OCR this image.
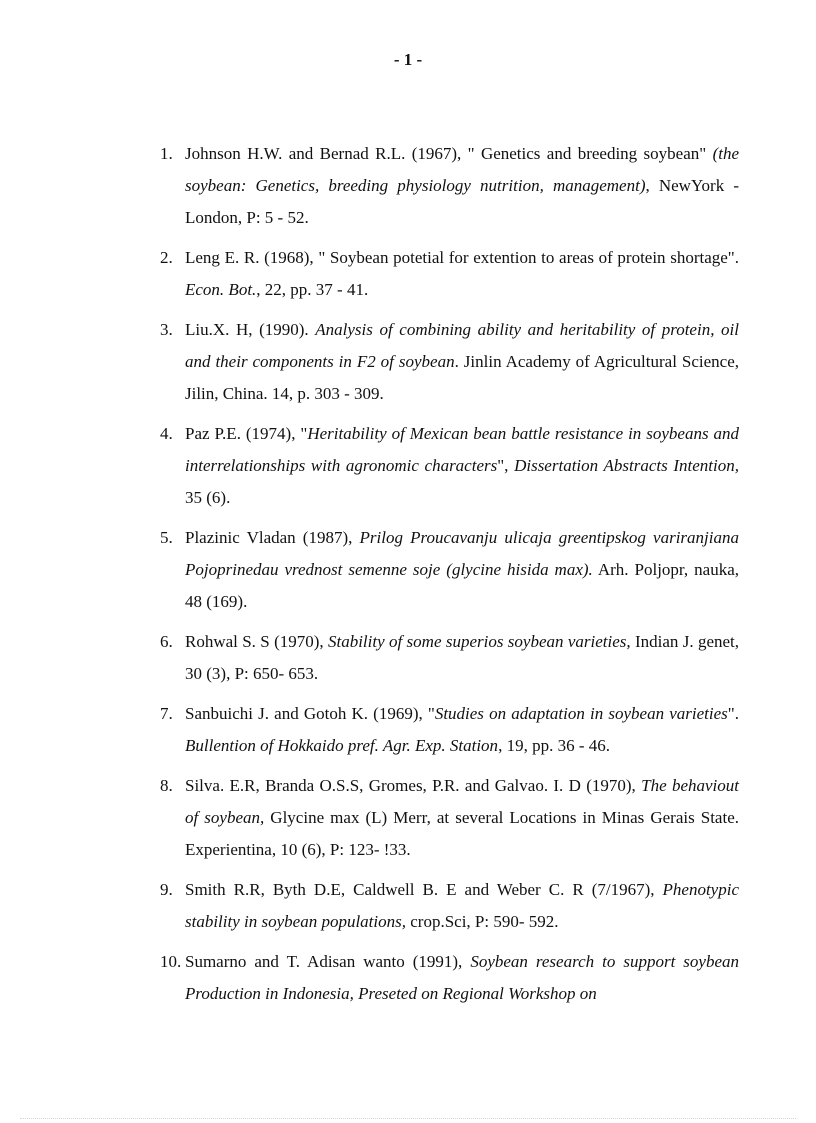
- 1 -
1. Johnson H.W. and Bernad R.L. (1967), " Genetics and breeding soybean" (the soybean: Genetics, breeding physiology nutrition, management), NewYork - London, P: 5 - 52.
2. Leng E. R. (1968), " Soybean potetial for extention to areas of protein shortage". Econ. Bot., 22, pp. 37 - 41.
3. Liu.X. H, (1990). Analysis of combining ability and heritability of protein, oil and their components in F2 of soybean. Jinlin Academy of Agricultural Science, Jilin, China. 14, p. 303 - 309.
4. Paz P.E. (1974), "Heritability of Mexican bean battle resistance in soybeans and interrelationships with agronomic characters", Dissertation Abstracts Intention, 35 (6).
5. Plazinic Vladan (1987), Prilog Proucavanju ulicaja greentipskog variranjiana Pojoprinedau vrednost semenne soje (glycine hisida max). Arh. Poljopr, nauka, 48 (169).
6. Rohwal S. S (1970), Stability of some superios soybean varieties, Indian J. genet, 30 (3), P: 650- 653.
7. Sanbuichi J. and Gotoh K. (1969), "Studies on adaptation in soybean varieties". Bullention of Hokkaido pref. Agr. Exp. Station, 19, pp. 36 - 46.
8. Silva. E.R, Branda O.S.S, Gromes, P.R. and Galvao. I. D (1970), The behaviout of soybean, Glycine max (L) Merr, at several Locations in Minas Gerais State. Experientina, 10 (6), P: 123- !33.
9. Smith R.R, Byth D.E, Caldwell B. E and Weber C. R (7/1967), Phenotypic stability in soybean populations, crop.Sci, P: 590- 592.
10. Sumarno and T. Adisan wanto (1991), Soybean research to support soybean Production in Indonesia, Preseted on Regional Workshop on
